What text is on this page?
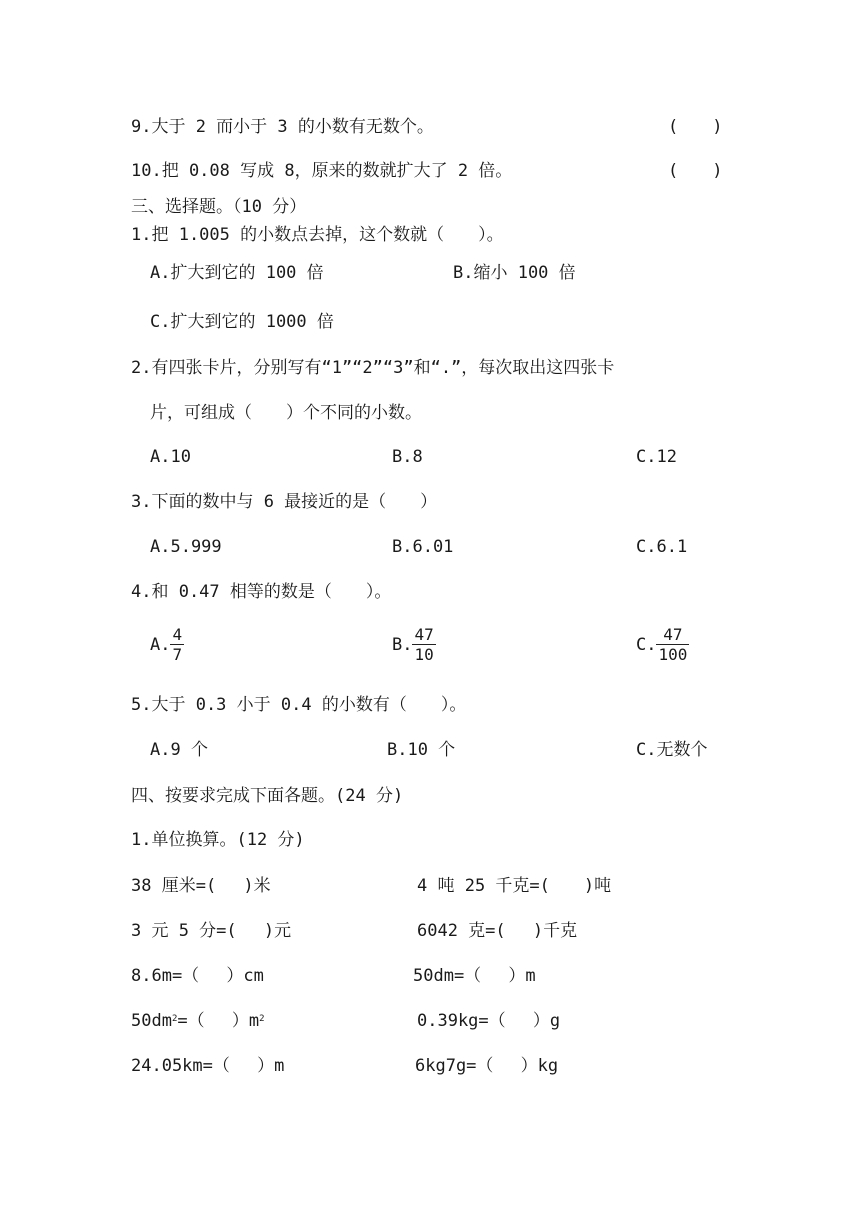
9.大于 2 而小于 3 的小数有无数个。	(　　)
10.把 0.08 写成 8，原来的数就扩大了 2 倍。	(　　)
三、选择题。（10 分）
1.把 1.005 的小数点去掉，这个数就（　　）。
A.扩大到它的 100 倍	B.缩小 100 倍
C.扩大到它的 1000 倍
2.有四张卡片，分别写有“1”“2”“3”和“.”，每次取出这四张卡
片，可组成（　　）个不同的小数。
A.10	B.8	C.12
3.下面的数中与 6 最接近的是（　　）
A.5.999	B.6.01	C.6.1
4.和 0.47 相等的数是（　　）。
A. $\frac{4}{7}$	B. $\frac{47}{10}$	C. $\frac{47}{100}$
5.大于 0.3 小于 0.4 的小数有（　　）。
A.9 个	B.10 个	C.无数个
四、按要求完成下面各题。(24 分)
1.单位换算。(12 分)
38 厘米=(　 )米	4 吨 25 千克=(　　)吨
3 元 5 分=(　 )元	6042 克=(　 )千克
8.6m=（　 ）cm	50dm=（　 ）m
$50dm^2=$（　 ）$m^2$	0.39kg=（　 ）g
24.05km=（　 ）m	6kg7g=（　 ）kg
